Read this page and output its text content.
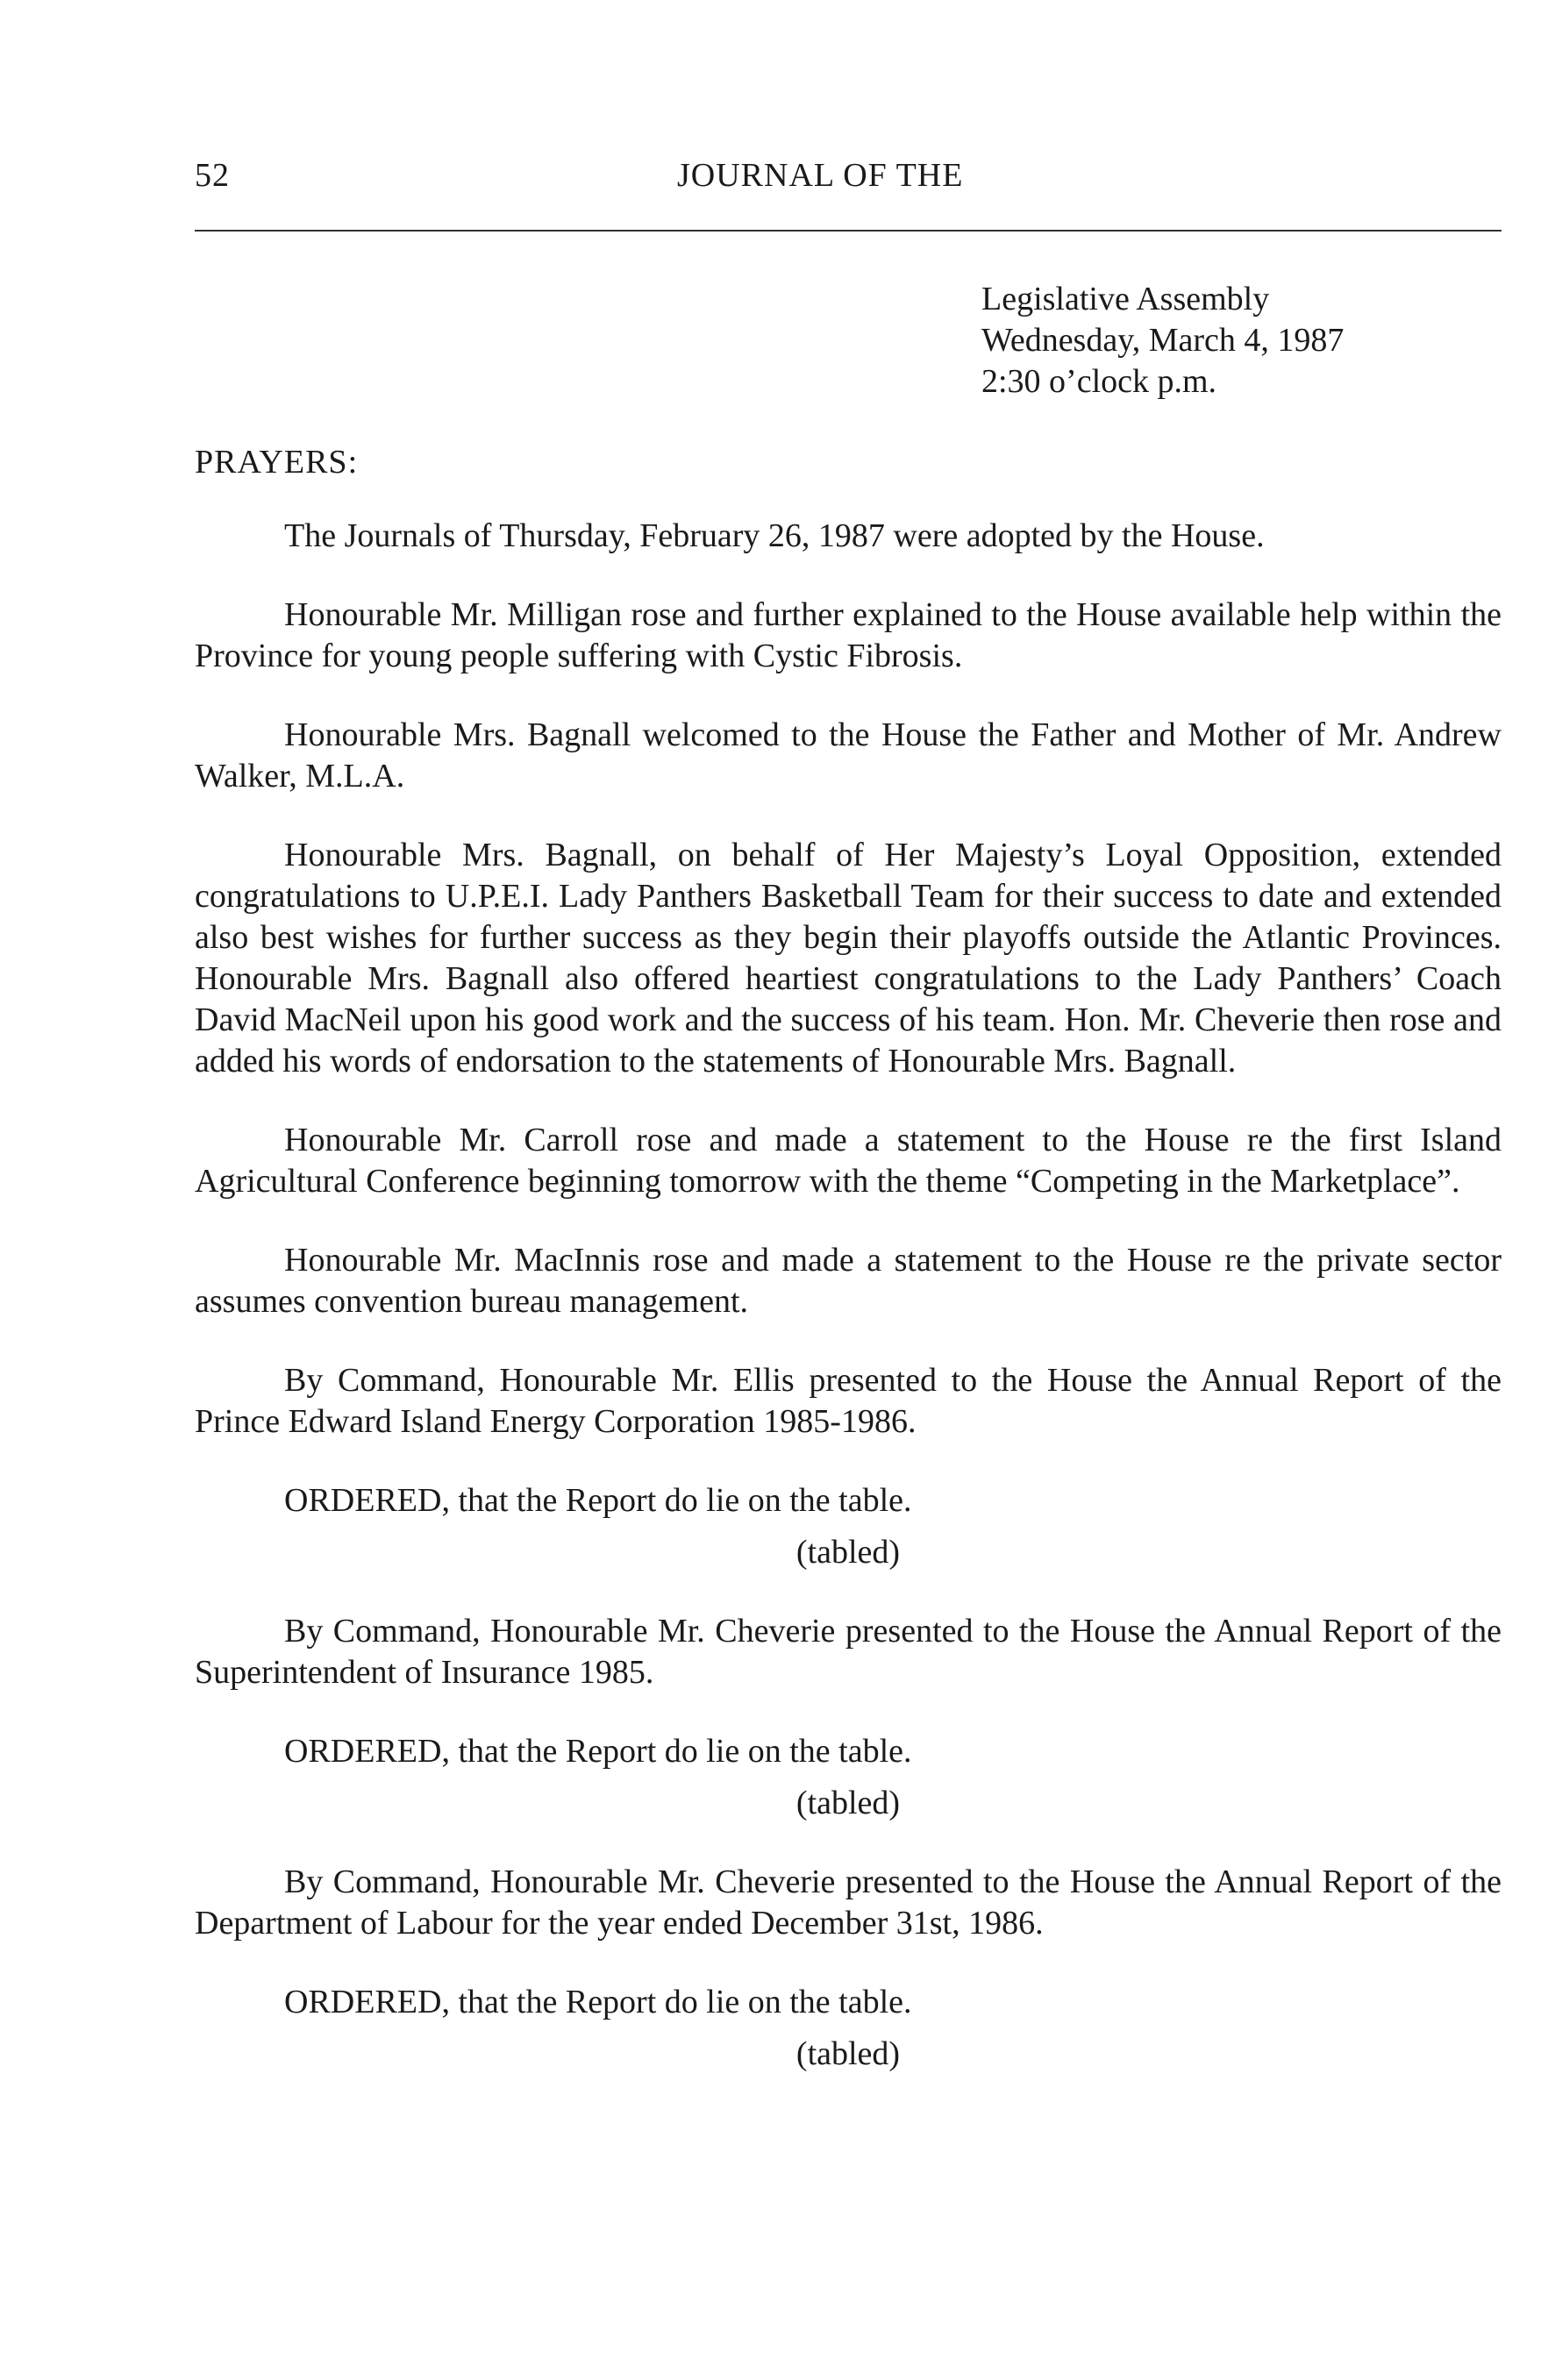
52	JOURNAL OF THE
Legislative Assembly
Wednesday, March 4, 1987
2:30 o’clock p.m.
PRAYERS:

The Journals of Thursday, February 26, 1987 were adopted by the House.

Honourable Mr. Milligan rose and further explained to the House available help within the Province for young people suffering with Cystic Fibrosis.

Honourable Mrs. Bagnall welcomed to the House the Father and Mother of Mr. Andrew Walker, M.L.A.

Honourable Mrs. Bagnall, on behalf of Her Majesty’s Loyal Opposition, extended congratulations to U.P.E.I. Lady Panthers Basketball Team for their success to date and extended also best wishes for further success as they begin their playoffs outside the Atlantic Provinces. Honourable Mrs. Bagnall also offered heartiest congratulations to the Lady Panthers’ Coach David MacNeil upon his good work and the success of his team. Hon. Mr. Cheverie then rose and added his words of endorsation to the statements of Honourable Mrs. Bagnall.

Honourable Mr. Carroll rose and made a statement to the House re the first Island Agricultural Conference beginning tomorrow with the theme “Competing in the Marketplace”.

Honourable Mr. MacInnis rose and made a statement to the House re the private sector assumes convention bureau management.

By Command, Honourable Mr. Ellis presented to the House the Annual Report of the Prince Edward Island Energy Corporation 1985-1986.

ORDERED, that the Report do lie on the table.

(tabled)

By Command, Honourable Mr. Cheverie presented to the House the Annual Report of the Superintendent of Insurance 1985.

ORDERED, that the Report do lie on the table.

(tabled)

By Command, Honourable Mr. Cheverie presented to the House the Annual Report of the Department of Labour for the year ended December 31st, 1986.

ORDERED, that the Report do lie on the table.

(tabled)
